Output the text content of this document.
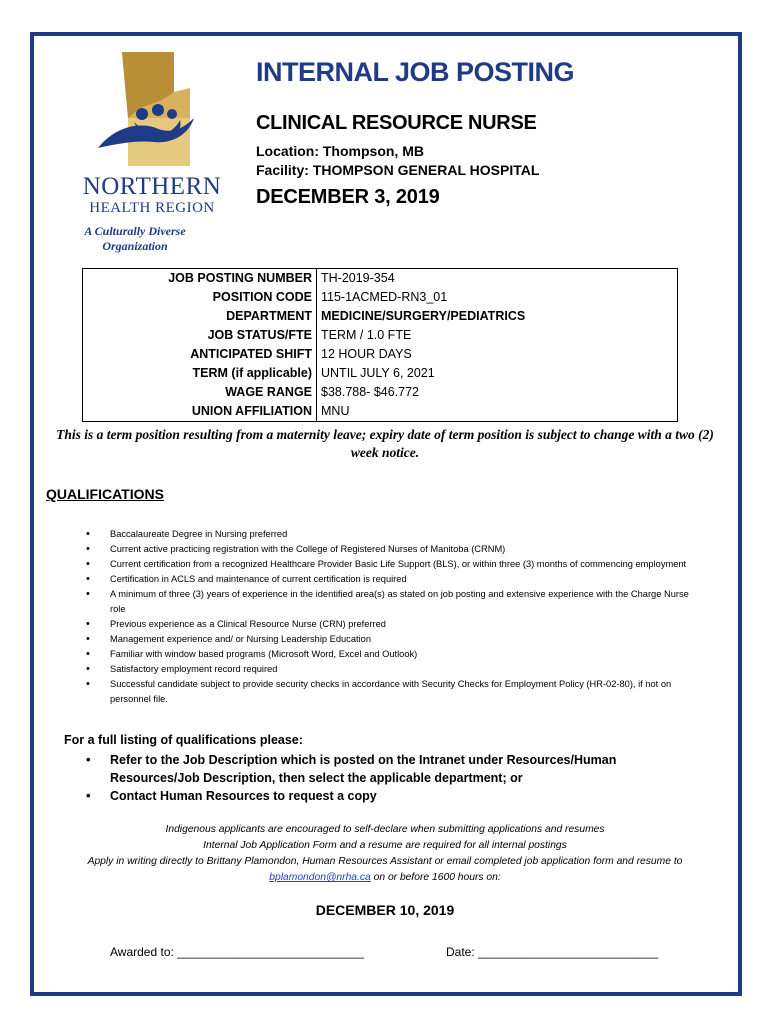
NORTHERN
HEALTH REGION
A Culturally Diverse
Organization
INTERNAL JOB POSTING
CLINICAL RESOURCE NURSE
Location: Thompson, MB
Facility: THOMPSON GENERAL HOSPITAL
DECEMBER 3, 2019
JOB POSTING NUMBER	TH-2019-354
POSITION CODE	115-1ACMED-RN3_01
DEPARTMENT	MEDICINE/SURGERY/PEDIATRICS
JOB STATUS/FTE	TERM / 1.0 FTE
ANTICIPATED SHIFT	12 HOUR DAYS
TERM (if applicable)	UNTIL JULY 6, 2021
WAGE RANGE	$38.788- $46.772
UNION AFFILIATION	MNU
This is a term position resulting from a maternity leave; expiry date of term position is subject to change with a two (2) week notice.
QUALIFICATIONS
• Baccalaureate Degree in Nursing preferred
• Current active practicing registration with the College of Registered Nurses of Manitoba (CRNM)
• Current certification from a recognized Healthcare Provider Basic Life Support (BLS), or within three (3) months of commencing employment
• Certification in ACLS and maintenance of current certification is required
• A minimum of three (3) years of experience in the identified area(s) as stated on job posting and extensive experience with the Charge Nurse role
• Previous experience as a Clinical Resource Nurse (CRN) preferred
• Management experience and/ or Nursing Leadership Education
• Familiar with window based programs (Microsoft Word, Excel and Outlook)
• Satisfactory employment record required
• Successful candidate subject to provide security checks in accordance with Security Checks for Employment Policy (HR-02-80), if not on personnel file.
For a full listing of qualifications please:
• Refer to the Job Description which is posted on the Intranet under Resources/Human Resources/Job Description, then select the applicable department; or
• Contact Human Resources to request a copy
Indigenous applicants are encouraged to self-declare when submitting applications and resumes
Internal Job Application Form and a resume are required for all internal postings
Apply in writing directly to Brittany Plamondon, Human Resources Assistant or email completed job application form and resume to
bplamondon@nrha.ca on or before 1600 hours on:
DECEMBER 10, 2019
Awarded to: ____________________________	Date: ___________________________
